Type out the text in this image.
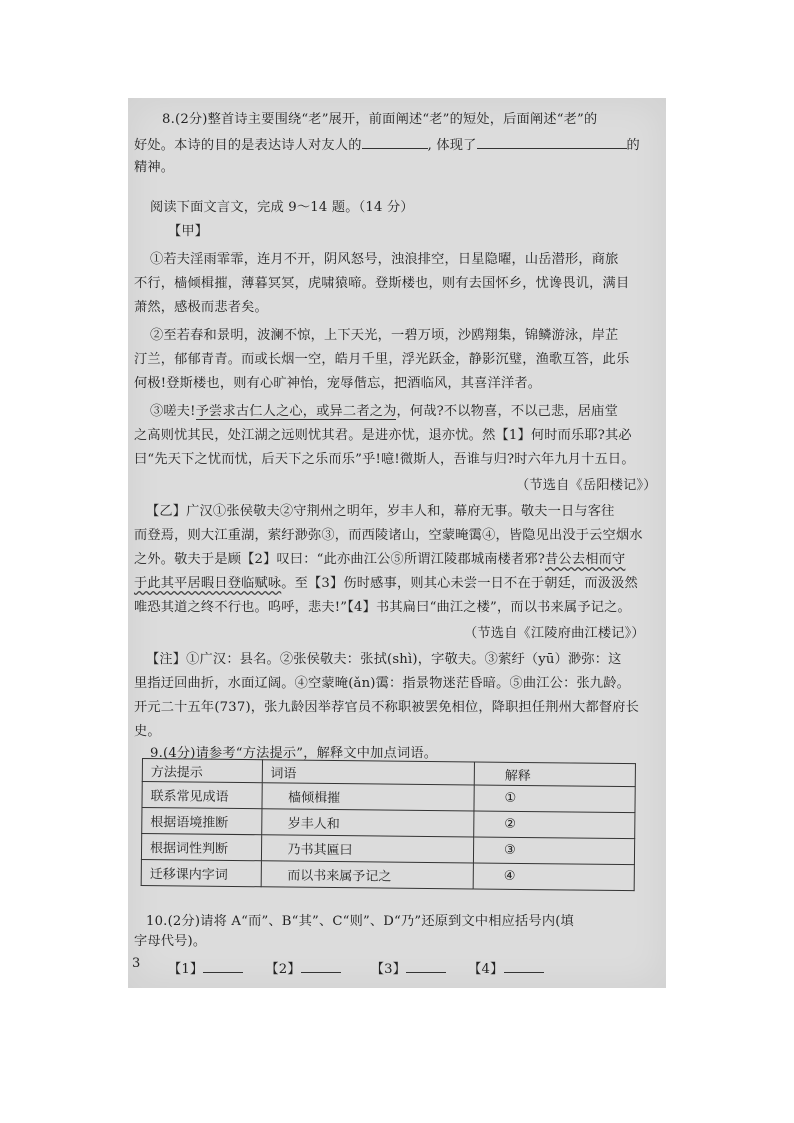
8.(2分)整首诗主要围绕“老”展开，前面阐述“老”的短处，后面阐述“老”的
好处。本诗的目的是表达诗人对友人的	, 体现了	的
精神。
阅读下面文言文，完成 9～14 题。（14 分）
【甲】
①若夫淫雨霏霏，连月不开，阴风怒号，浊浪排空，日星隐曜，山岳潜形，商旅
不行，樯倾楫摧，薄暮冥冥，虎啸猿啼。登斯楼也，则有去国怀乡，忧谗畏讥，满目
萧然，感极而悲者矣。
②至若春和景明，波澜不惊，上下天光，一碧万顷，沙鸥翔集，锦鳞游泳，岸芷
汀兰，郁郁青青。而或长烟一空，皓月千里，浮光跃金，静影沉璧，渔歌互答，此乐
何极!登斯楼也，则有心旷神怡，宠辱偕忘，把酒临风，其喜洋洋者。
③嗟夫!予尝求古仁人之心，或异二者之为，何哉?不以物喜，不以己悲，居庙堂
之高则忧其民，处江湖之远则忧其君。是进亦忧，退亦忧。然【1】何时而乐耶?其必
曰“先天下之忧而忧，后天下之乐而乐”乎!噫!微斯人，吾谁与归?时六年九月十五日。
（节选自《岳阳楼记》）
【乙】广汉①张侯敬夫②守荆州之明年，岁丰人和，幕府无事。敬夫一日与客往
而登焉，则大江重湖，萦纡渺弥③，而西陵诸山，空蒙晻霭④，皆隐见出没于云空烟水
之外。敬夫于是顾【2】叹曰：“此亦曲江公⑤所谓江陵郡城南楼者邪?昔公去相而守
于此其平居暇日登临赋咏。至【3】伤时感事，则其心未尝一日不在于朝廷，而汲汲然
唯恐其道之终不行也。呜呼，悲夫!”【4】书其扁曰“曲江之楼”，而以书来属予记之。
（节选自《江陵府曲江楼记》）
【注】①广汉：县名。②张侯敬夫：张拭(shì)，字敬夫。③萦纡（yū）渺弥：这
里指迂回曲折，水面辽阔。④空蒙晻(ǎn)霭：指景物迷茫昏暗。⑤曲江公：张九龄。
开元二十五年(737)，张九龄因举荐官员不称职被罢免相位，降职担任荆州大都督府长
史。
9.(4分)请参考“方法提示”，解释文中加点词语。
方法提示	词语	解释
联系常见成语	樯倾楫摧	①
根据语境推断	岁丰人和	②
根据词性判断	乃书其匾曰	③
迁移课内字词	而以书来属予记之	④
10.(2分)请将 A“而”、B“其”、C“则”、D“乃”还原到文中相应括号内(填
字母代号)。
3 【1】	【2】	【3】	【4】
